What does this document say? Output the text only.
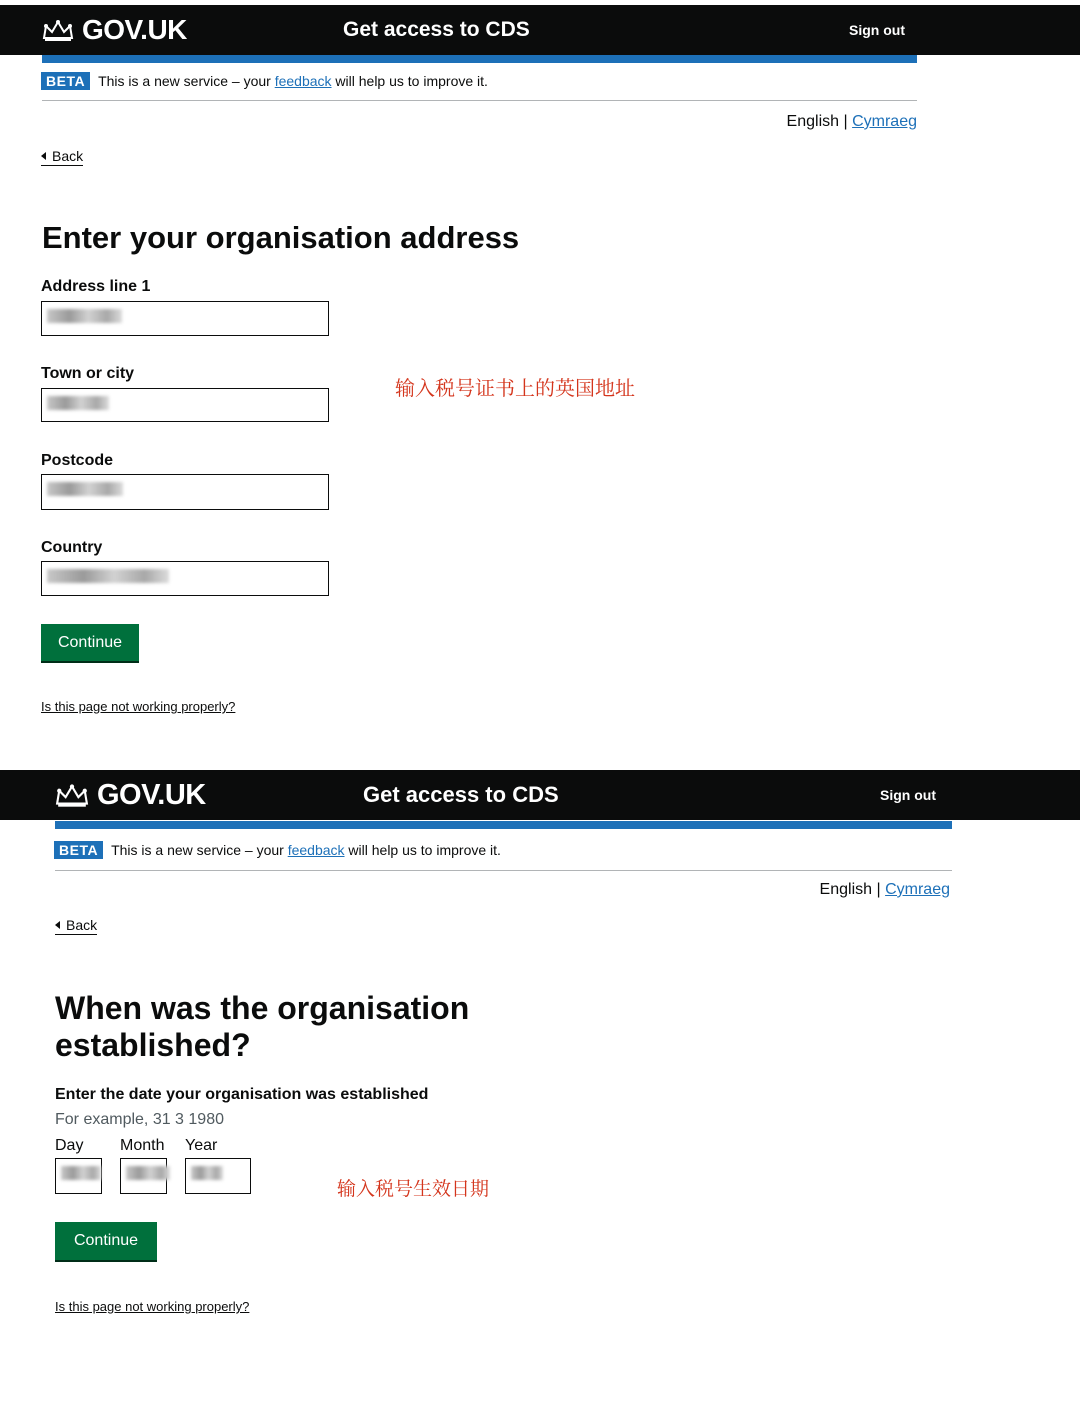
GOV.UK	Get access to CDS	Sign out
BETA This is a new service – your feedback will help us to improve it.
English | Cymraeg
Back
Enter your organisation address
Address line 1
Town or city
Postcode
Country
输入税号证书上的英国地址
Continue
Is this page not working properly?
GOV.UK	Get access to CDS	Sign out
BETA This is a new service – your feedback will help us to improve it.
English | Cymraeg
Back
When was the organisation
established?
Enter the date your organisation was established
For example, 31 3 1980
Day Month Year
输入税号生效日期
Continue
Is this page not working properly?
